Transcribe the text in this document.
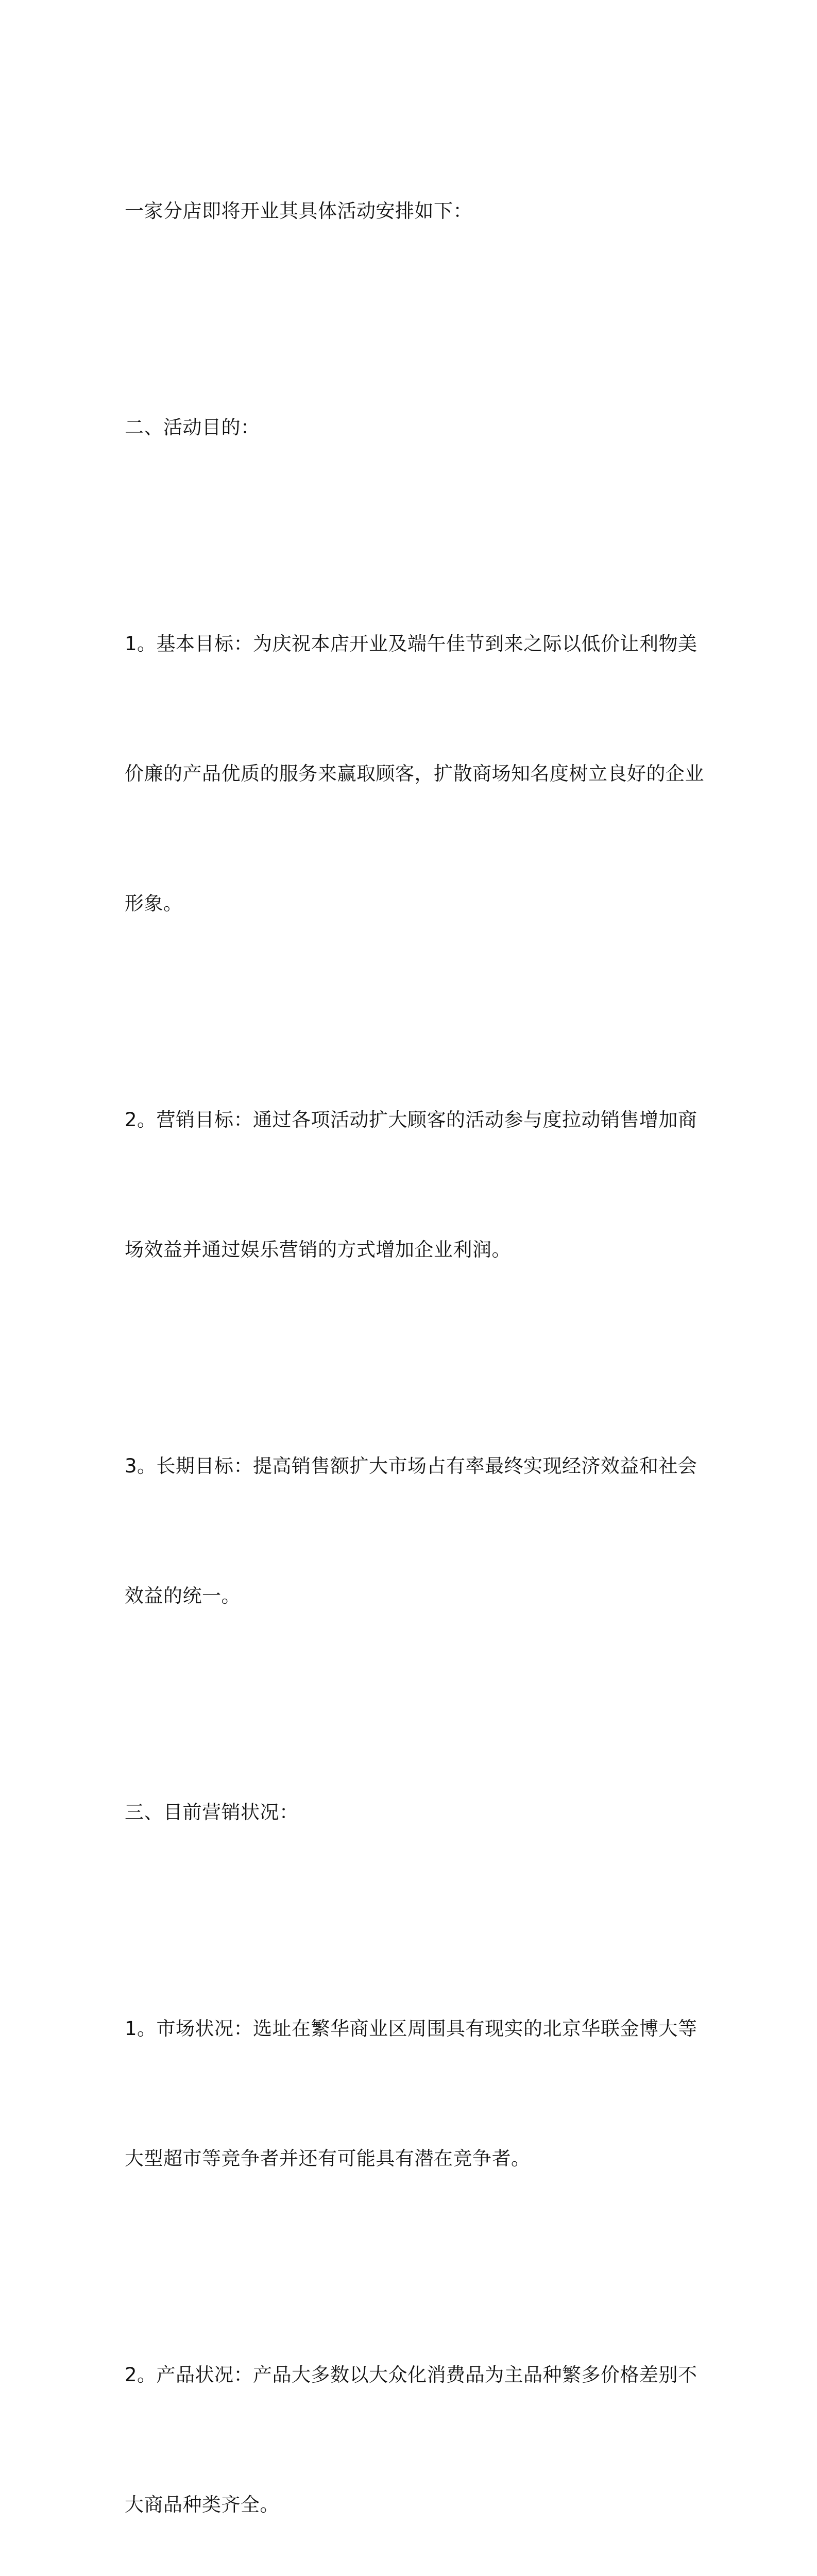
一家分店即将开业其具体活动安排如下：

二、活动目的：

1。基本目标：为庆祝本店开业及端午佳节到来之际以低价让利物美

价廉的产品优质的服务来赢取顾客，扩散商场知名度树立良好的企业

形象。

2。营销目标：通过各项活动扩大顾客的活动参与度拉动销售增加商

场效益并通过娱乐营销的方式增加企业利润。

3。长期目标：提高销售额扩大市场占有率最终实现经济效益和社会

效益的统一。

三、目前营销状况：

1。市场状况：选址在繁华商业区周围具有现实的北京华联金博大等

大型超市等竞争者并还有可能具有潜在竞争者。

2。产品状况：产品大多数以大众化消费品为主品种繁多价格差别不

大商品种类齐全。
